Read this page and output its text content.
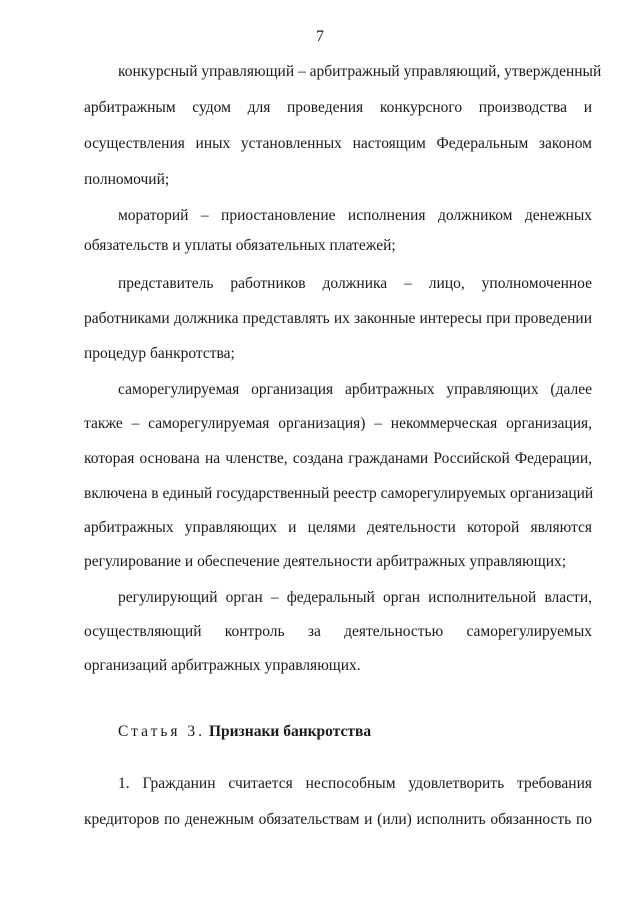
7
конкурсный управляющий – арбитражный управляющий, утвержденный
арбитражным судом для проведения конкурсного производства и
осуществления иных установленных настоящим Федеральным законом
полномочий;
мораторий – приостановление исполнения должником денежных
обязательств и уплаты обязательных платежей;
представитель работников должника – лицо, уполномоченное
работниками должника представлять их законные интересы при проведении
процедур банкротства;
саморегулируемая организация арбитражных управляющих (далее
также – саморегулируемая организация) – некоммерческая организация,
которая основана на членстве, создана гражданами Российской Федерации,
включена в единый государственный реестр саморегулируемых организаций
арбитражных управляющих и целями деятельности которой являются
регулирование и обеспечение деятельности арбитражных управляющих;
регулирующий орган – федеральный орган исполнительной власти,
осуществляющий контроль за деятельностью саморегулируемых
организаций арбитражных управляющих.
Статья 3. Признаки банкротства
1. Гражданин считается неспособным удовлетворить требования
кредиторов по денежным обязательствам и (или) исполнить обязанность по
